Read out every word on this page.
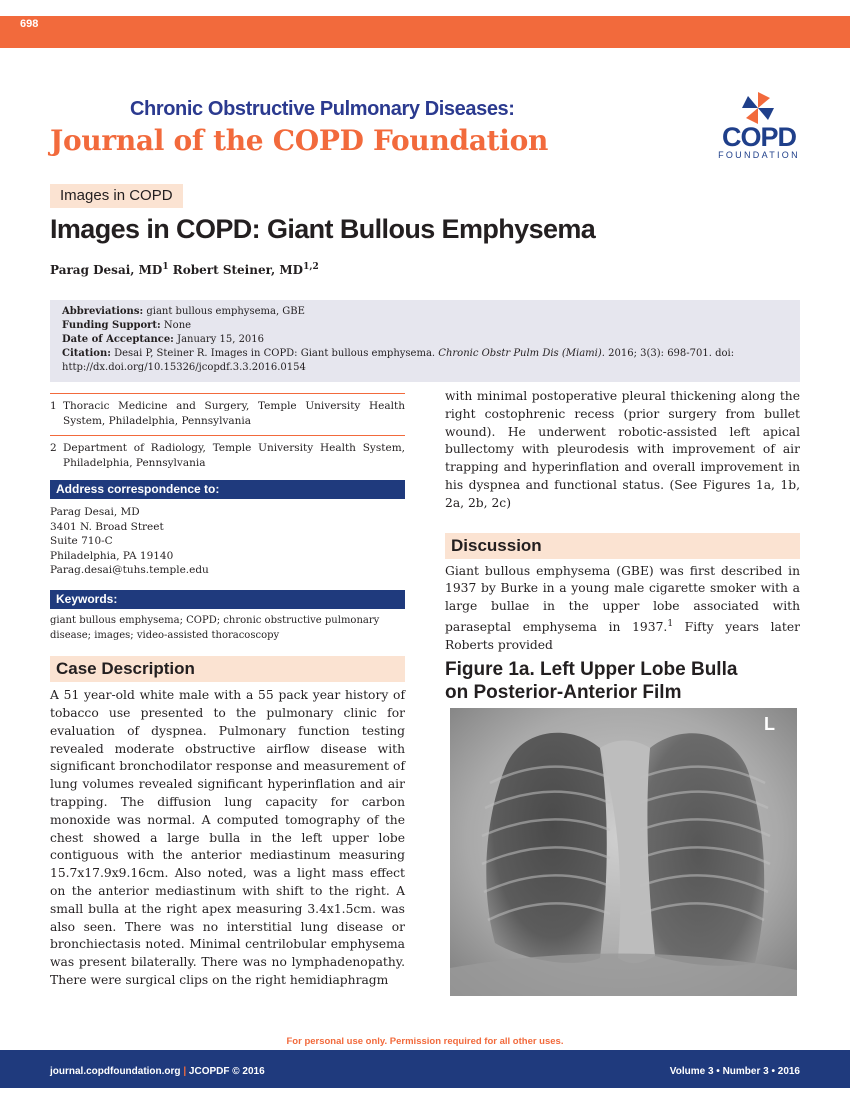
698
Chronic Obstructive Pulmonary Diseases:
Journal of the COPD Foundation	COPD
FOUNDATION
Images in COPD
Images in COPD: Giant Bullous Emphysema
Parag Desai, $MD^1$ Robert Steiner, MD$^{1,2}$
Abbreviations: giant bullous emphysema, GBE
Funding Support: None
Date of Acceptance: January 15, 2016
Citation: Desai P, Steiner R. Images in COPD: Giant bullous emphysema. Chronic Obstr Pulm Dis (Miami). 2016; 3(3): 698-701. doi: http://dx.doi.org/10.15326/jcopdf.3.3.2016.0154
1 Thoracic Medicine and Surgery, Temple University Health System, Philadelphia, Pennsylvania
2 Department of Radiology, Temple University Health System, Philadelphia, Pennsylvania
Address correspondence to:
Parag Desai, MD
3401 N. Broad Street
Suite 710-C
Philadelphia, PA 19140
Parag.desai@tuhs.temple.edu
Keywords:
giant bullous emphysema; COPD; chronic obstructive pulmonary disease; images; video-assisted thoracoscopy
Case Description
A 51 year-old white male with a 55 pack year history of tobacco use presented to the pulmonary clinic for evaluation of dyspnea. Pulmonary function testing revealed moderate obstructive airflow disease with significant bronchodilator response and measurement of lung volumes revealed significant hyperinflation and air trapping. The diffusion lung capacity for carbon monoxide was normal. A computed tomography of the chest showed a large bulla in the left upper lobe contiguous with the anterior mediastinum measuring 15.7x17.9x9.16cm. Also noted, was a light mass effect on the anterior mediastinum with shift to the right. A small bulla at the right apex measuring 3.4x1.5cm. was also seen. There was no interstitial lung disease or bronchiectasis noted. Minimal centrilobular emphysema was present bilaterally. There was no lymphadenopathy. There were surgical clips on the right hemidiaphragm
with minimal postoperative pleural thickening along the right costophrenic recess (prior surgery from bullet wound). He underwent robotic-assisted left apical bullectomy with pleurodesis with improvement of air trapping and hyperinflation and overall improvement in his dyspnea and functional status. (See Figures 1a, 1b, 2a, 2b, 2c)
Discussion
Giant bullous emphysema (GBE) was first described in 1937 by Burke in a young male cigarette smoker with a large bullae in the upper lobe associated with paraseptal emphysema in 1937.$^1$ Fifty years later Roberts provided
Figure 1a. Left Upper Lobe Bulla
on Posterior-Anterior Film
L
For personal use only. Permission required for all other uses.
journal.copdfoundation.org | JCOPDF © 2016	Volume 3 • Number 3 • 2016
